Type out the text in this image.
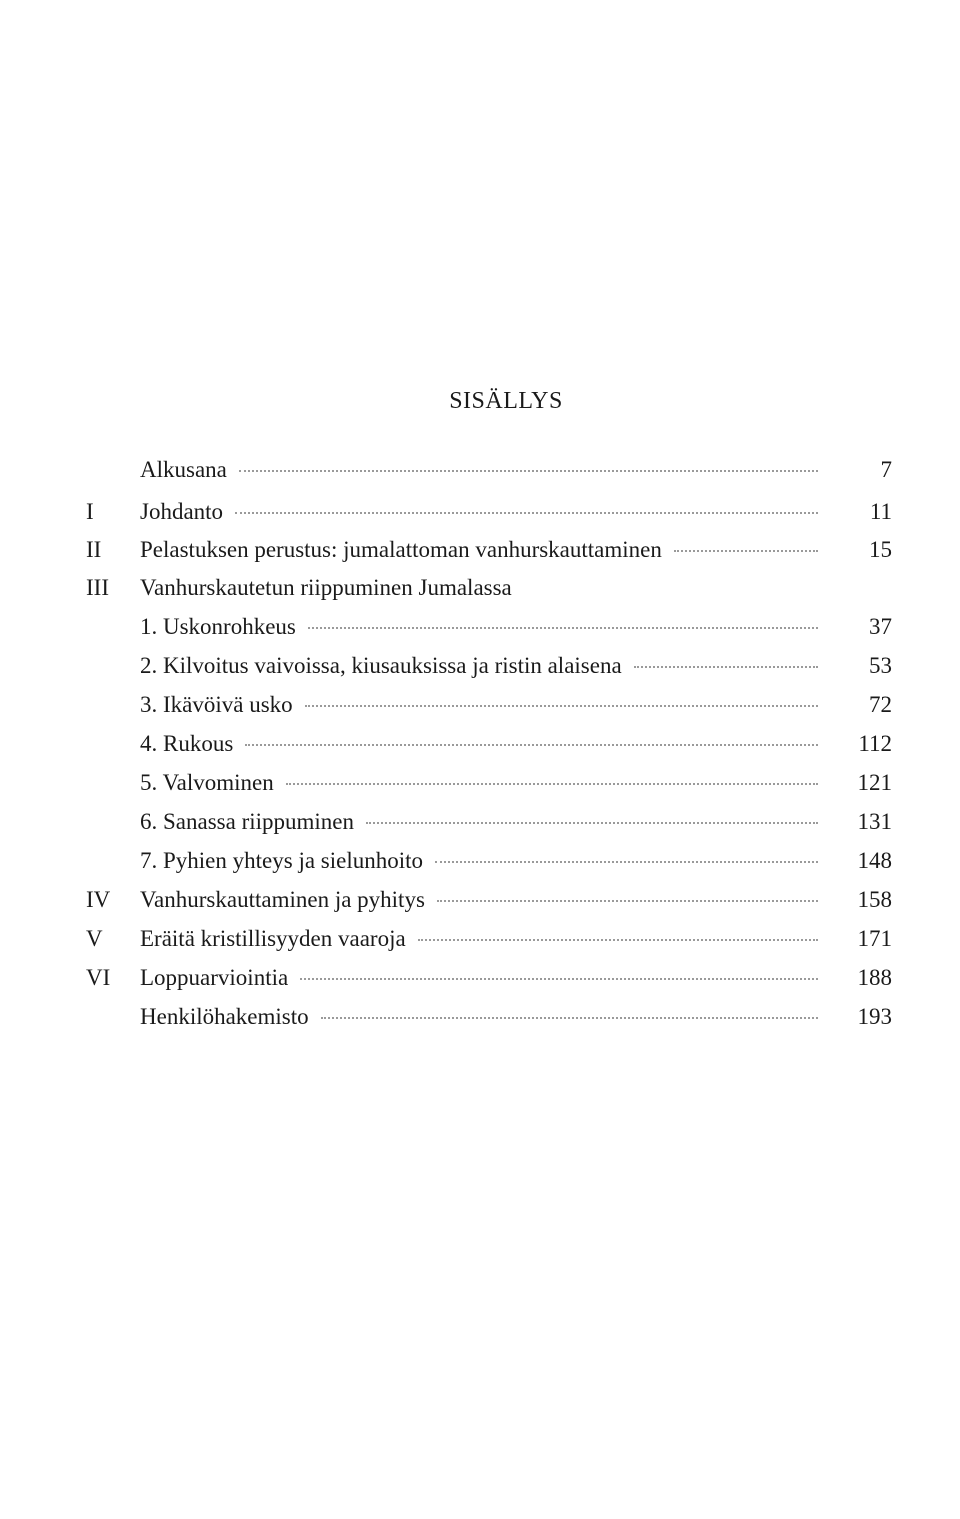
SISÄLLYS
Alkusana	7
I	Johdanto	11
II	Pelastuksen perustus: jumalattoman vanhurskauttaminen	15
III	Vanhurskautetun riippuminen Jumalassa
1. Uskonrohkeus	37
2. Kilvoitus vaivoissa, kiusauksissa ja ristin alaisena	53
3. Ikävöivä usko	72
4. Rukous	112
5. Valvominen	121
6. Sanassa riippuminen	131
7. Pyhien yhteys ja sielunhoito	148
IV	Vanhurskauttaminen ja pyhitys	158
V	Eräitä kristillisyyden vaaroja	171
VI	Loppuarviointia	188
Henkilöhakemisto	193
